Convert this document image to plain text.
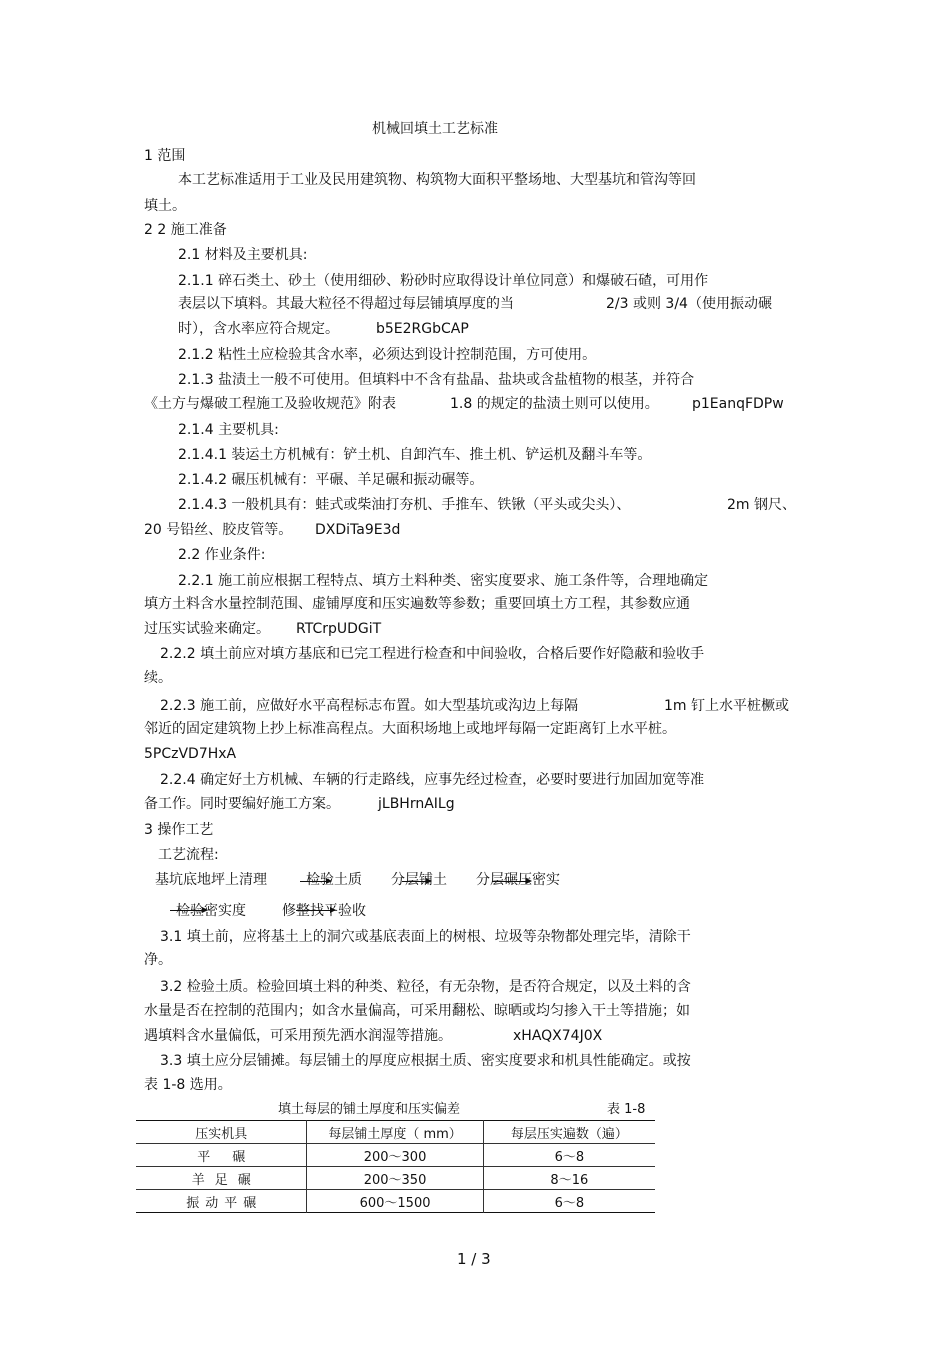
机械回填土工艺标准
1 范围
本工艺标准适用于工业及民用建筑物、构筑物大面积平整场地、大型基坑和管沟等回
填土。
2 2 施工准备
2.1 材料及主要机具:
2.1.1 碎石类土、砂土（使用细砂、粉砂时应取得设计单位同意）和爆破石碴，可用作
表层以下填料。其最大粒径不得超过每层铺填厚度的当	2/3 或则 3/4（使用振动碾
时），含水率应符合规定。	b5E2RGbCAP
2.1.2 粘性土应检验其含水率，必须达到设计控制范围，方可使用。
2.1.3 盐渍土一般不可使用。但填料中不含有盐晶、盐块或含盐植物的根茎，并符合
《土方与爆破工程施工及验收规范》附表	1.8 的规定的盐渍土则可以使用。 p1EanqFDPw
2.1.4 主要机具:
2.1.4.1 装运土方机械有：铲土机、自卸汽车、推土机、铲运机及翻斗车等。
2.1.4.2 碾压机械有：平碾、羊足碾和振动碾等。
2.1.4.3 一般机具有：蛙式或柴油打夯机、手推车、铁锹（平头或尖头）、	2m 钢尺、
20 号铅丝、胶皮管等。 DXDiTa9E3d
2.2 作业条件:
2.2.1 施工前应根据工程特点、填方土料种类、密实度要求、施工条件等，合理地确定
填方土料含水量控制范围、虚铺厚度和压实遍数等参数；重要回填土方工程，其参数应通
过压实试验来确定。 RTCrpUDGiT
2.2.2 填土前应对填方基底和已完工程进行检查和中间验收，合格后要作好隐蔽和验收手
续。
2.2.3 施工前，应做好水平高程标志布置。如大型基坑或沟边上每隔	1m 钉上水平桩橛或
邻近的固定建筑物上抄上标准高程点。大面积场地上或地坪每隔一定距离钉上水平桩。
5PCzVD7HxA
2.2.4 确定好土方机械、车辆的行走路线，应事先经过检查，必要时要进行加固加宽等准
备工作。同时要编好施工方案。	jLBHrnAILg
3 操作工艺
工艺流程:
基坑底地坪上清理	检验土质 分层铺土 分层碾压密实
检验密实度	修整找平验收
3.1 填土前，应将基土上的洞穴或基底表面上的树根、垃圾等杂物都处理完毕，清除干
净。
3.2 检验土质。检验回填土料的种类、粒径，有无杂物，是否符合规定，以及土料的含
水量是否在控制的范围内；如含水量偏高，可采用翻松、晾晒或均匀掺入干土等措施；如
遇填料含水量偏低，可采用预先洒水润湿等措施。	xHAQX74J0X
3.3 填土应分层铺摊。每层铺土的厚度应根据土质、密实度要求和机具性能确定。或按
表 1-8 选用。
填土每层的铺土厚度和压实偏差	表 1-8
压实机具	每层铺土厚度（ mm）	每层压实遍数（遍）
平碾	200～300	6～8
羊足碾	200～350	8～16
振动平碾	600～1500	6～8
1 / 3
